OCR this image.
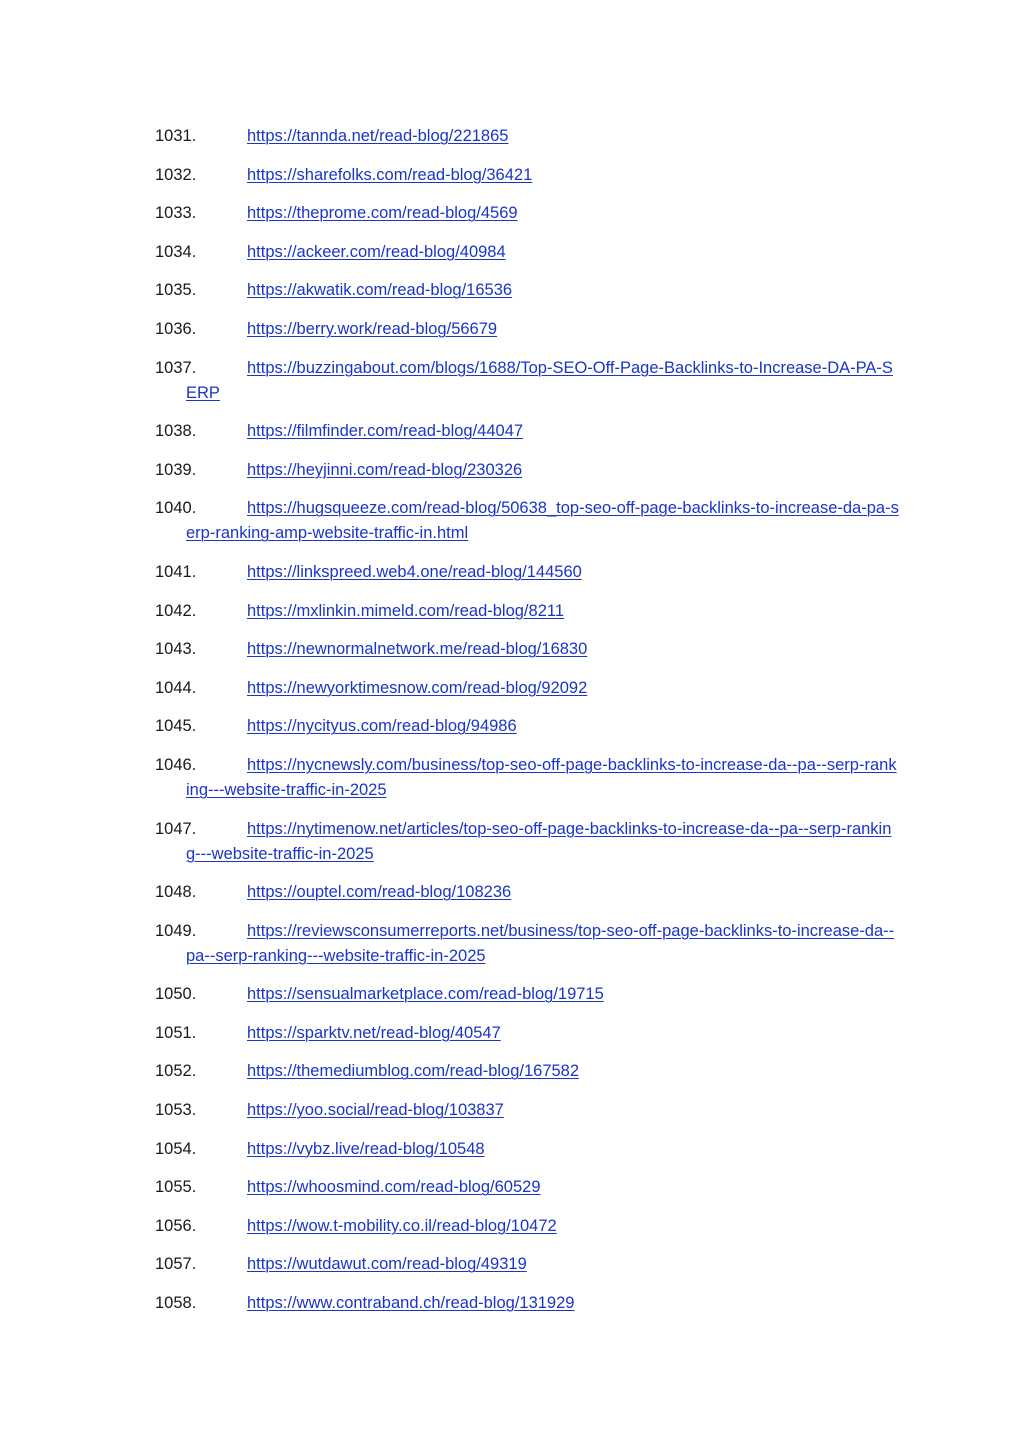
1031.	https://tannda.net/read-blog/221865
1032.	https://sharefolks.com/read-blog/36421
1033.	https://theprome.com/read-blog/4569
1034.	https://ackeer.com/read-blog/40984
1035.	https://akwatik.com/read-blog/16536
1036.	https://berry.work/read-blog/56679
1037.	https://buzzingabout.com/blogs/1688/Top-SEO-Off-Page-Backlinks-to-Increase-DA-PA-SERP
1038.	https://filmfinder.com/read-blog/44047
1039.	https://heyjinni.com/read-blog/230326
1040.	https://hugsqueeze.com/read-blog/50638_top-seo-off-page-backlinks-to-increase-da-pa-serp-ranking-amp-website-traffic-in.html
1041.	https://linkspreed.web4.one/read-blog/144560
1042.	https://mxlinkin.mimeld.com/read-blog/8211
1043.	https://newnormalnetwork.me/read-blog/16830
1044.	https://newyorktimesnow.com/read-blog/92092
1045.	https://nycityus.com/read-blog/94986
1046.	https://nycnewsly.com/business/top-seo-off-page-backlinks-to-increase-da--pa--serp-ranking---website-traffic-in-2025
1047.	https://nytimenow.net/articles/top-seo-off-page-backlinks-to-increase-da--pa--serp-ranking---website-traffic-in-2025
1048.	https://ouptel.com/read-blog/108236
1049.	https://reviewsconsumerreports.net/business/top-seo-off-page-backlinks-to-increase-da--pa--serp-ranking---website-traffic-in-2025
1050.	https://sensualmarketplace.com/read-blog/19715
1051.	https://sparktv.net/read-blog/40547
1052.	https://themediumblog.com/read-blog/167582
1053.	https://yoo.social/read-blog/103837
1054.	https://vybz.live/read-blog/10548
1055.	https://whoosmind.com/read-blog/60529
1056.	https://wow.t-mobility.co.il/read-blog/10472
1057.	https://wutdawut.com/read-blog/49319
1058.	https://www.contraband.ch/read-blog/131929
